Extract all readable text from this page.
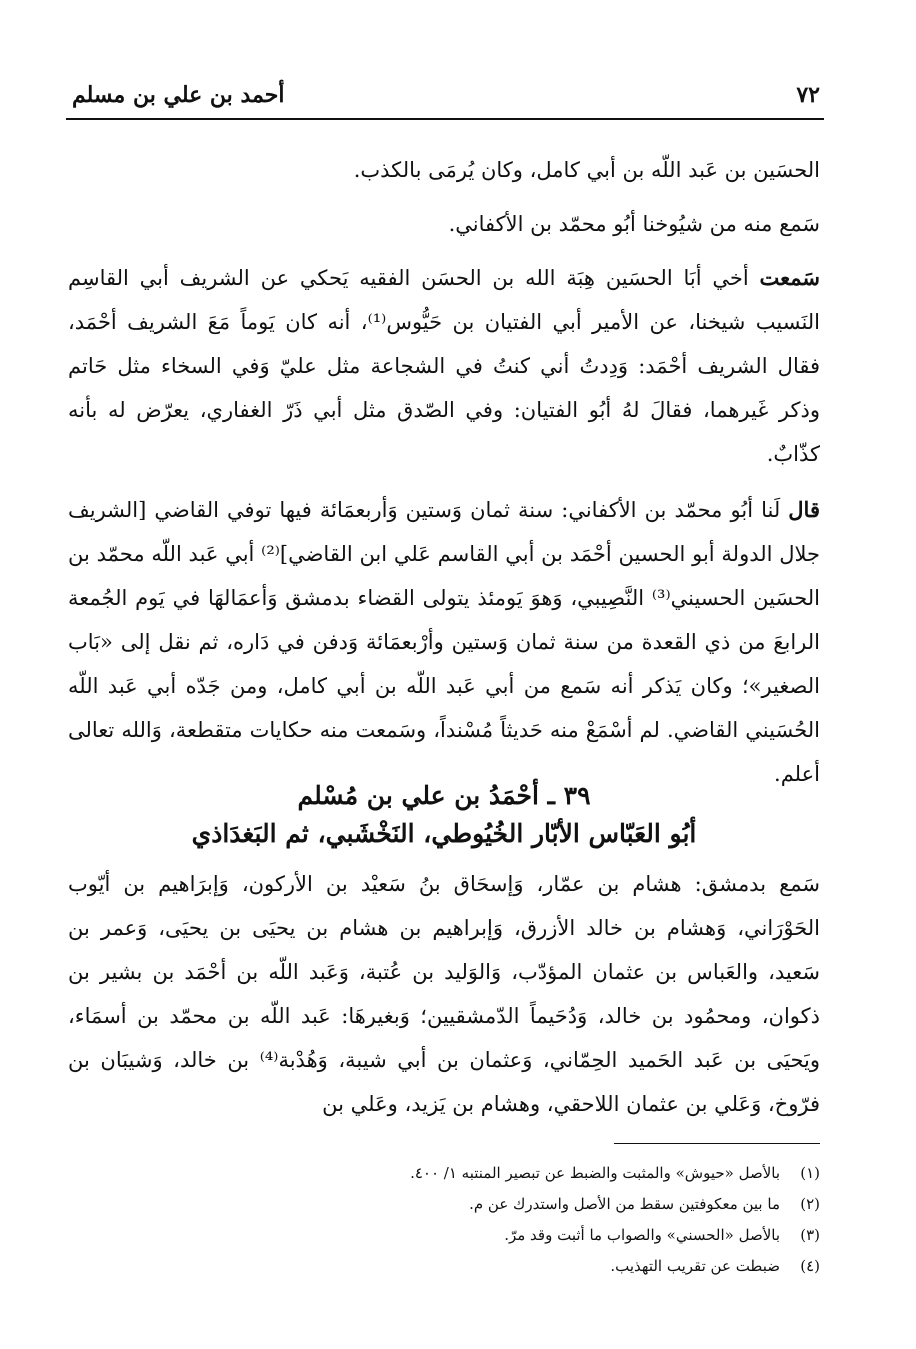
أحمد بن علي بن مسلم	٧٢

الحسَين بن عَبد اللّه بن أبي كامل، وكان يُرمَى بالكذب.

سَمع منه من شيُوخنا أبُو محمّد بن الأكفاني.

سَمعت أخي أبَا الحسَين هِبَة الله بن الحسَن الفقيه يَحكي عن الشريف أبي القاسِم النَسيب شيخنا، عن الأمير أبي الفتيان بن حَيُّوس⁽¹⁾، أنه كان يَوماً مَعَ الشريف أحْمَد، فقال الشريف أحْمَد: وَدِدتُ أني كنتُ في الشجاعة مثل عليّ وَفي السخاء مثل حَاتم وذكر غَيرهما، فقالَ لهُ أبُو الفتيان: وفي الصّدق مثل أبي ذَرّ الغفاري، يعرّض له بأنه كذّابٌ.

قال لَنا أبُو محمّد بن الأكفاني: سنة ثمان وَستين وَأربعمَائة فيها توفي القاضي [الشريف جلال الدولة أبو الحسين أحْمَد بن أبي القاسم عَلي ابن القاضي]⁽²⁾ أبي عَبد اللّه محمّد بن الحسَين الحسيني⁽³⁾ النَّصِيبي، وَهوَ يَومئذ يتولى القضاء بدمشق وَأعمَالهَا في يَوم الجُمعة الرابعَ من ذي القعدة من سنة ثمان وَستين وأرْبعمَائة وَدفن في دَاره، ثم نقل إلى «بَاب الصغير»؛ وكان يَذكر أنه سَمع من أبي عَبد اللّه بن أبي كامل، ومن جَدّه أبي عَبد اللّه الحُسَيني القاضي. لم أسْمَعْ منه حَديثاً مُسْنداً، وسَمعت منه حكايات متقطعة، وَالله تعالى أعلم.

٣٩ ـ أحْمَدُ بن علي بن مُسْلم
أبُو العَبّاس الأبّار الخُيُوطي، النَخْشَبي، ثم البَغدَاذي

سَمع بدمشق: هشام بن عمّار، وَإسحَاق بنُ سَعيْد بن الأركون، وَإبرَاهيم بن أيّوب الحَوْرَاني، وَهشام بن خالد الأزرق، وَإبراهيم بن هشام بن يحيَى بن يحيَى، وَعمر بن سَعيد، والعَباس بن عثمان المؤدّب، وَالوَليد بن عُتبة، وَعَبد اللّه بن أحْمَد بن بشير بن ذكوان، ومحمُود بن خالد، وَدُحَيماً الدّمشقيين؛ وَبغيرهَا: عَبد اللّه بن محمّد بن أسمَاء، ويَحيَى بن عَبد الحَميد الحِمّاني، وَعثمان بن أبي شيبة، وَهُدْبة⁽⁴⁾ بن خالد، وَشيبَان بن فرّوخ، وَعَلي بن عثمان اللاحقي، وهشام بن يَزيد، وعَلي بن

(١)بالأصل «حيوش» والمثبت والضبط عن تبصير المنتبه ١/ ٤٠٠.

(٢)ما بين معكوفتين سقط من الأصل واستدرك عن م.

(٣)بالأصل «الحسني» والصواب ما أثبت وقد مرّ.

(٤)ضبطت عن تقريب التهذيب.
